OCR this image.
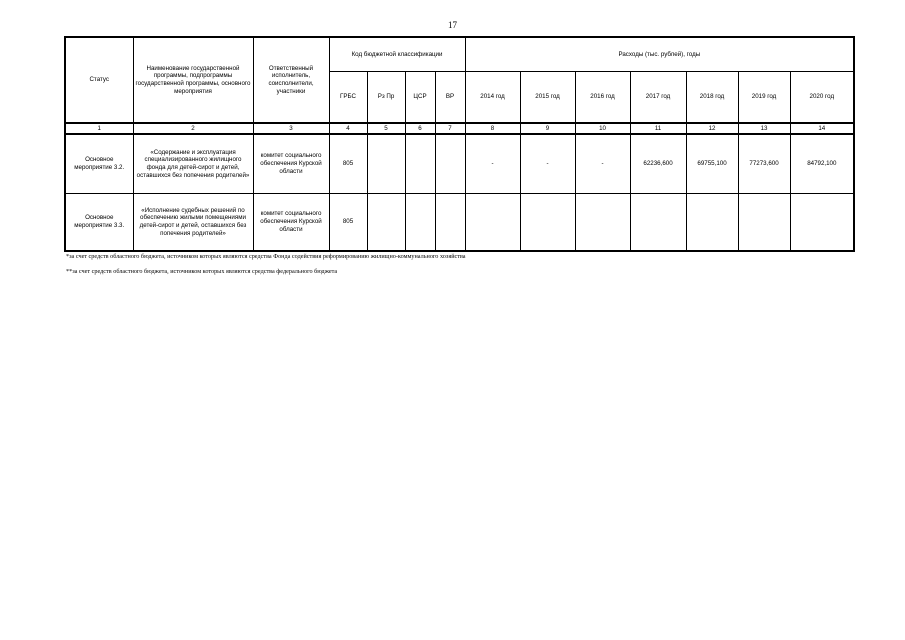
17
Статус	Наименование государственной программы, подпрограммы государственной программы, основного мероприятия	Ответственный исполнитель, соисполнители, участники	Код бюджетной классификации				Расходы (тыс. рублей), годы						
			ГРБС	Рз Пр	ЦСР	ВР	2014 год	2015 год	2016 год	2017 год	2018 год	2019 год	2020 год
1	2	3	4	5	6	7	8	9	10	11	12	13	14
Основное мероприятие 3.2.	«Содержание и эксплуатация специализированного жилищного фонда для детей-сирот и детей, оставшихся без попечения родителей»	комитет социального обеспечения Курской области	805				-	-	-	62236,600	69755,100	77273,600	84792,100
Основное мероприятие 3.3.	«Исполнение судебных решений по обеспечению жилыми помещениями детей-сирот и детей, оставшихся без попечения родителей»	комитет социального обеспечения Курской области	805										

*за счет средств областного бюджета, источником которых являются средства Фонда содействия реформированию жилищно-коммунального хозяйства

**за счет средств областного бюджета, источником которых являются средства федерального бюджета
